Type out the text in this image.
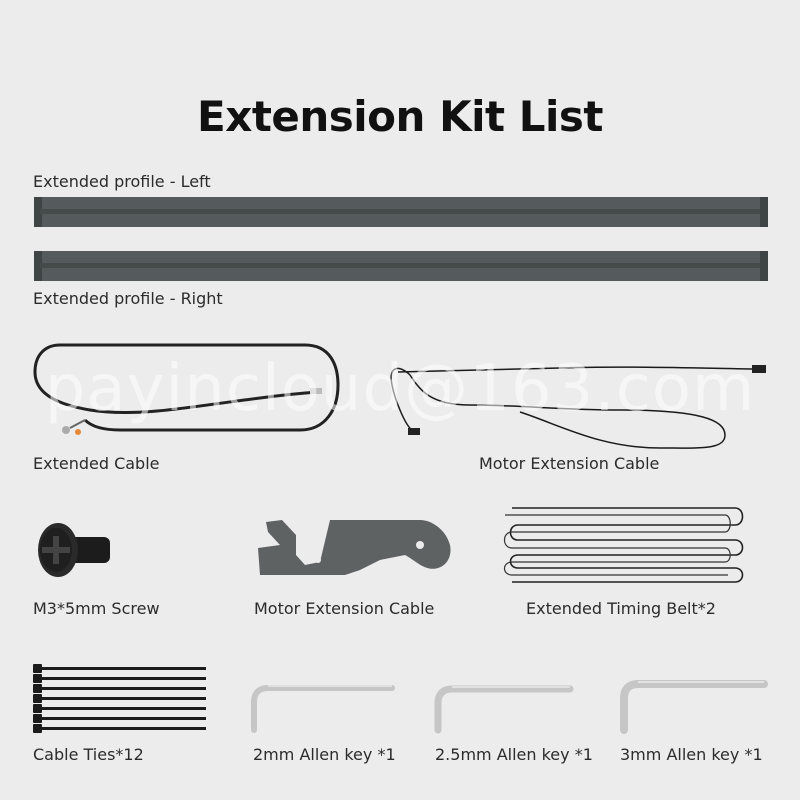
Extension Kit List
Extended profile - Left
Extended profile - Right
Extended Cable	Motor Extension Cable
payincloud@163.com
M3*5mm Screw	Motor Extension Cable	Extended Timing Belt*2
Cable Ties*12	2mm Allen key *1 2.5mm Allen key *1 3mm Allen key *1
